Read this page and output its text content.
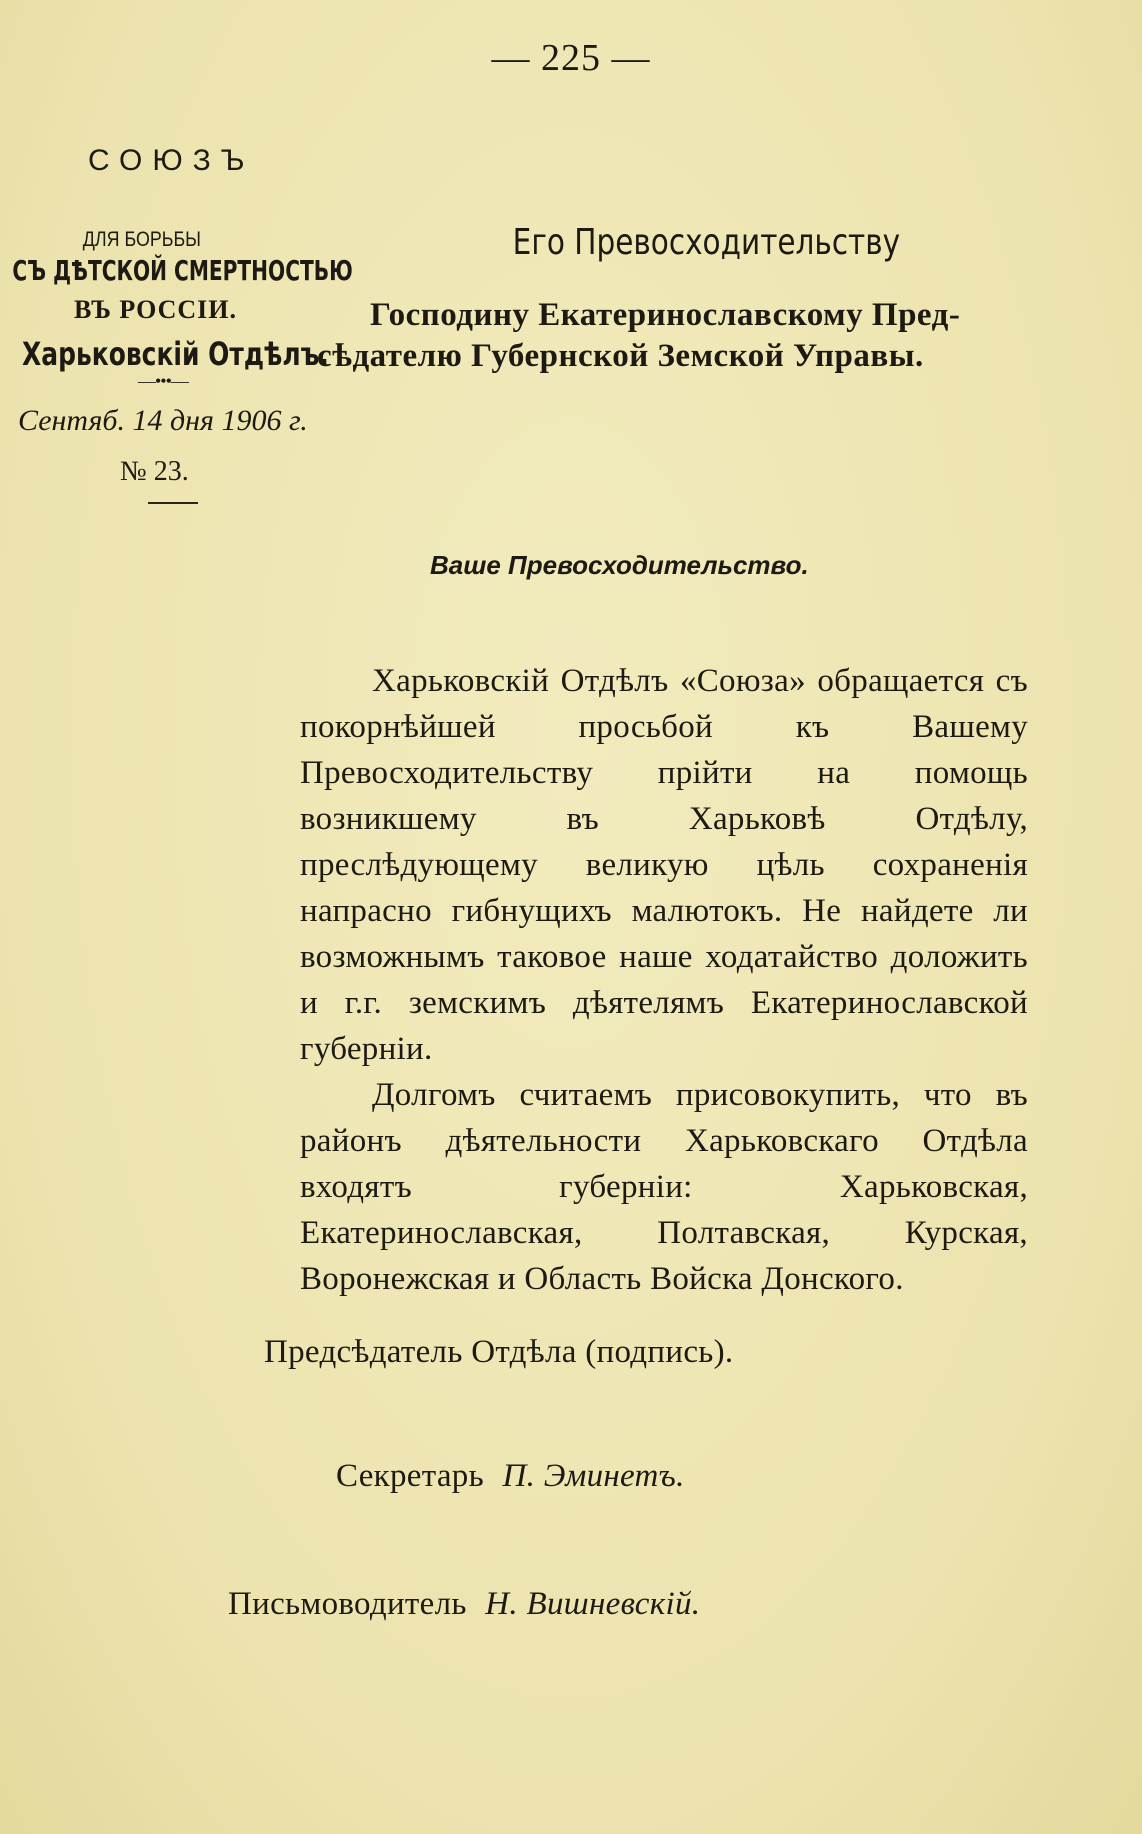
— 225 —
СОЮЗЪ
ДЛЯ БОРЬБЫ
СЪ ДѢТСКОЙ СМЕРТНОСТЬЮ
ВЪ РОССІИ.
Харьковскій Отдѣлъ.
—•••—
Сентяб. 14 дня 1906 г.
№ 23.
Его Превосходительству
Господину Екатеринославскому Пред-
сѣдателю Губернской Земской Управы.
Ваше Превосходительство.

Харьковскій Отдѣлъ «Союза» обращается съ покорнѣйшей просьбой къ Вашему Превосходительству прійти на помощь возникшему въ Харьковѣ Отдѣлу, преслѣдующему великую цѣль сохраненія напрасно гибнущихъ малютокъ. Не найдете ли возможнымъ таковое наше ходатайство доложить и г.г. земскимъ дѣятелямъ Екатеринославской губерніи.

Долгомъ считаемъ присовокупить, что въ районъ дѣятельности Харьковскаго Отдѣла входятъ губерніи: Харьковская, Екатеринославская, Полтавская, Курская, Воронежская и Область Войска Донского.

Предсѣдатель Отдѣла (подпись).
Секретарь П. Эминетъ.
Письмоводитель Н. Вишневскій.
